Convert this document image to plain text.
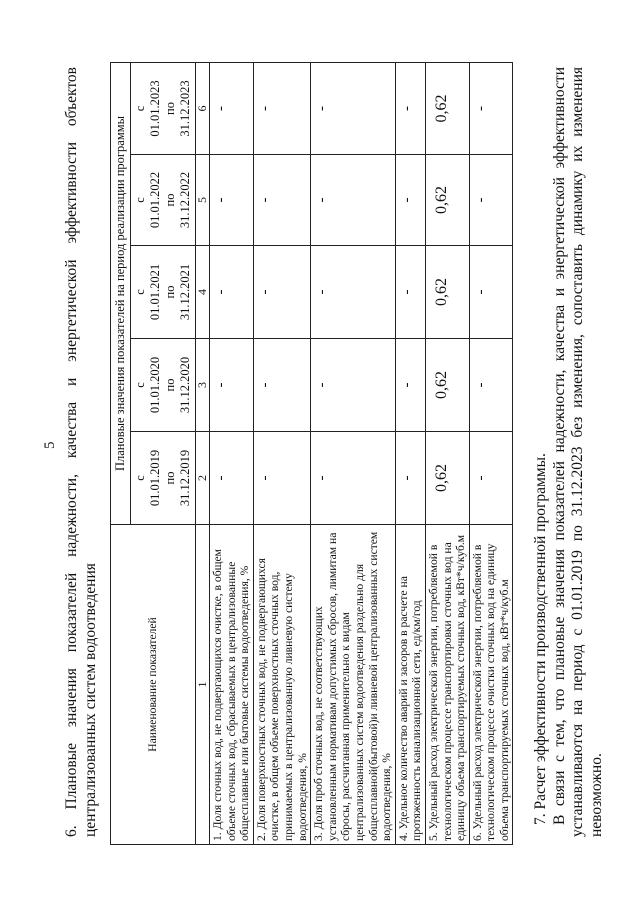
5 6. Плановые значения показателей надежности, качества и энергетической эффективности объектов централизованных систем водоотведения	Наименование показателей	Плановые значения показателей на период реализации программы				
	с
01.01.2019
по
31.12.2019	с
01.01.2020
по
31.12.2020	с
01.01.2021
по
31.12.2021	с
01.01.2022
по
31.12.2022	с
01.01.2023
по
31.12.2023
1	2	3	4	5	6
1. Доля сточных вод, не подвергающихся очистке, в общем объеме сточных вод, сбрасываемых в централизованные общесплавные или бытовые системы водоотведения, %	-	-	-	-	-
2. Доля поверхностных сточных вод, не подвергающихся очистке, в общем объеме поверхностных сточных вод, принимаемых в централизованную ливневую систему водоотведения, %	-	-	-	-	-
3. Доля проб сточных вод, не соответствующих установленным нормативам допустимых сбросов, лимитам на сбросы, рассчитанная применительно к видам централизованных систем водоотведения раздельно для общесплавной(бытовой)и ливневой централизованных систем водоотведения, %	-	-	-	-	-
4. Удельное количество аварий и засоров в расчете на протяженность канализационной сети, ед/км/год	-	-	-	-	-
5. Удельный расход электрической энергии, потребляемой в технологическом процессе транспортировки сточных вод на единицу объема транспортируемых сточных вод, кВт*ч/куб.м	0,62	0,62	0,62	0,62	0,62
6. Удельный расход электрической энергии, потребляемой в технологическом процессе очистки сточных вод на единицу объема транспортируемых сточных вод, кВт*ч/куб.м	-	-	-	-	-

7. Расчет эффективности производственной программы. В связи с тем, что плановые значения показателей надежности, качества и энергетической эффективности устанавливаются на период с 01.01.2019 по 31.12.2023 без изменения, сопоставить динамику их изменения невозможно.
